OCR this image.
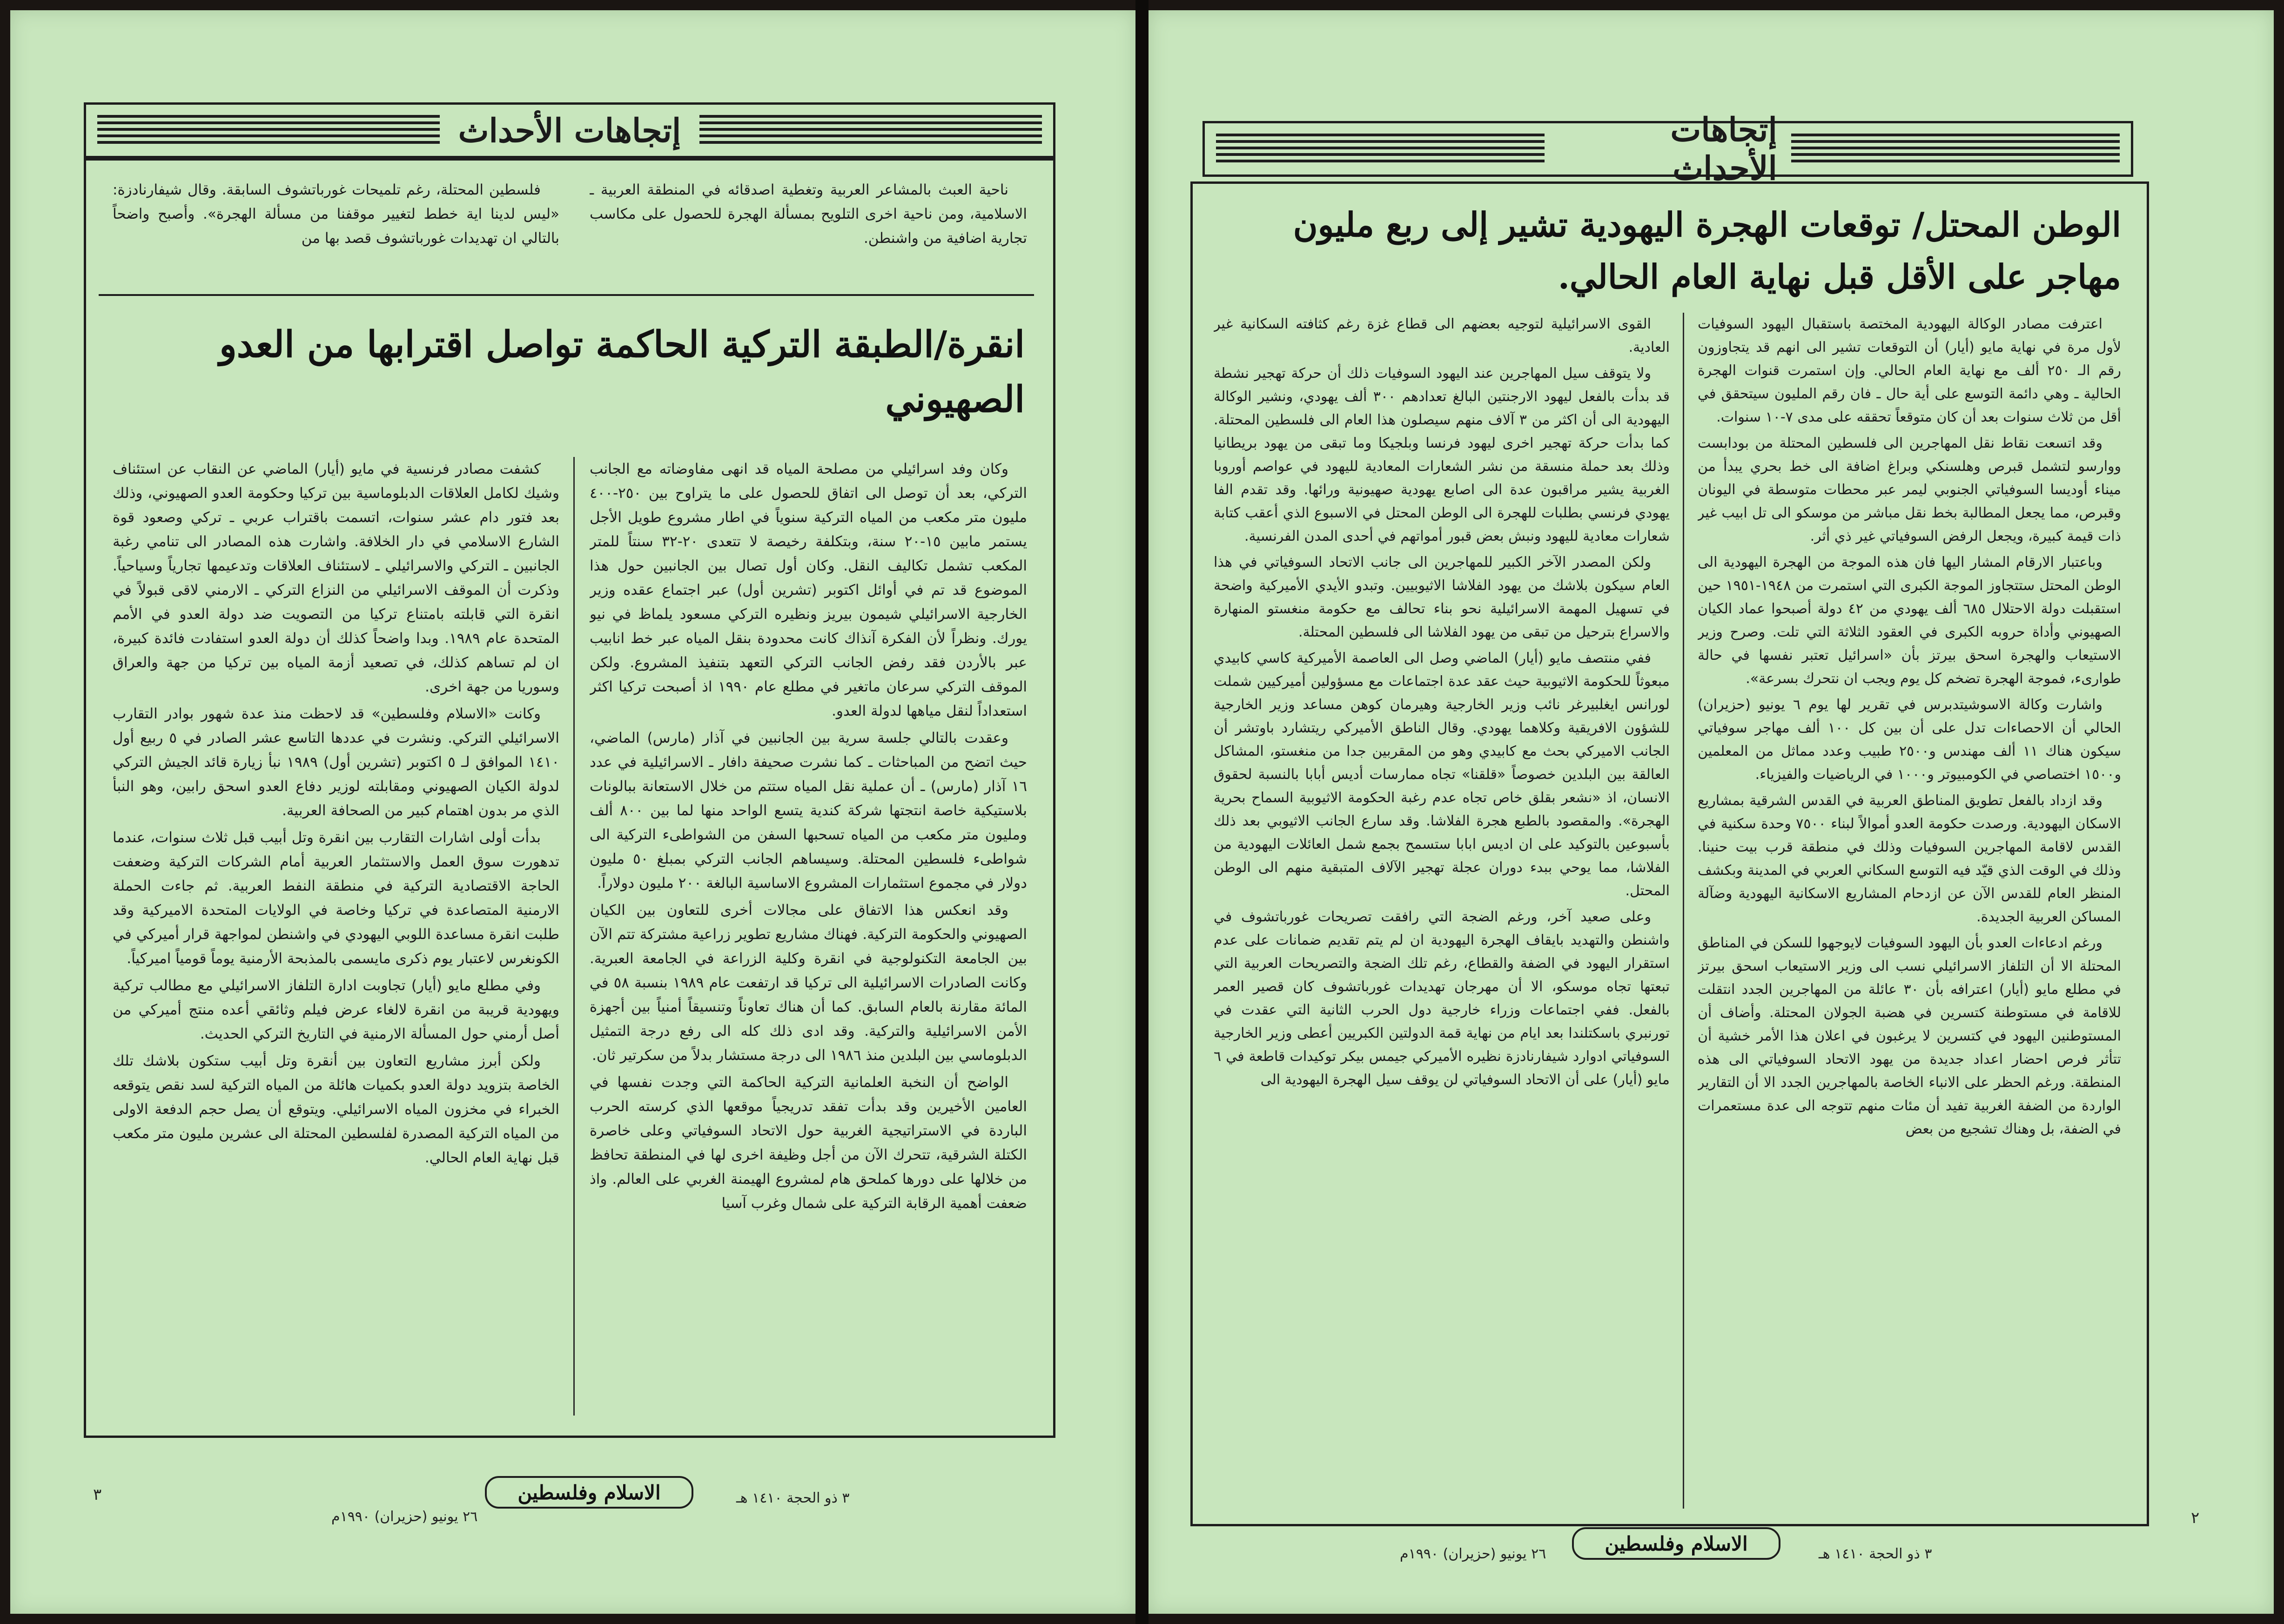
إتجاهات الأحداث

ناحية العبث بالمشاعر العربية وتغطية اصدقائه في المنطقة العربية ـ الاسلامية، ومن ناحية اخرى التلويح بمسألة الهجرة للحصول على مكاسب تجارية اضافية من واشنطن.

فلسطين المحتلة، رغم تلميحات غورباتشوف السابقة. وقال شيفارنادزة: «ليس لدينا اية خطط لتغيير موقفنا من مسألة الهجرة». وأصبح واضحاً بالتالي ان تهديدات غورباتشوف قصد بها من

انقرة/الطبقة التركية الحاكمة تواصل اقترابها من العدو الصهيوني

وكان وفد اسرائيلي من مصلحة المياه قد انهى مفاوضاته مع الجانب التركي، بعد أن توصل الى اتفاق للحصول على ما يتراوح بين ٢٥٠-٤٠٠ مليون متر مكعب من المياه التركية سنوياً في اطار مشروع طويل الأجل يستمر مابين ١٥-٢٠ سنة، وبتكلفة رخيصة لا تتعدى ٢٠-٣٢ سنتاً للمتر المكعب تشمل تكاليف النقل. وكان أول تصال بين الجانبين حول هذا الموضوع قد تم في أوائل اكتوبر (تشرين أول) عبر اجتماع عقده وزير الخارجية الاسرائيلي شيمون بيريز ونظيره التركي مسعود يلماظ في نيو يورك. ونظراً لأن الفكرة آنذاك كانت محدودة بنقل المياه عبر خط انابيب عبر بالأردن فقد رفض الجانب التركي التعهد بتنفيذ المشروع. ولكن الموقف التركي سرعان ماتغير في مطلع عام ١٩٩٠ اذ أصبحت تركيا اكثر استعداداً لنقل مياهها لدولة العدو.

وعقدت بالتالي جلسة سرية بين الجانبين في آذار (مارس) الماضي، حيث اتضح من المباحثات ـ كما نشرت صحيفة دافار ـ الاسرائيلية في عدد ١٦ آذار (مارس) ـ أن عملية نقل المياه ستتم من خلال الاستعانة ببالونات بلاستيكية خاصة انتجتها شركة كندية يتسع الواحد منها لما بين ٨٠٠ ألف ومليون متر مكعب من المياه تسحبها السفن من الشواطىء التركية الى شواطىء فلسطين المحتلة. وسيساهم الجانب التركي بمبلغ ٥٠ مليون دولار في مجموع استثمارات المشروع الاساسية البالغة ٢٠٠ مليون دولاراً.

وقد انعكس هذا الاتفاق على مجالات أخرى للتعاون بين الكيان الصهيوني والحكومة التركية. فهناك مشاريع تطوير زراعية مشتركة تتم الآن بين الجامعة التكنولوجية في انقرة وكلية الزراعة في الجامعة العبرية. وكانت الصادرات الاسرائيلية الى تركيا قد ارتفعت عام ١٩٨٩ بنسبة ٥٨ في المائة مقارنة بالعام السابق. كما أن هناك تعاوناً وتنسيقاً أمنياً بين أجهزة الأمن الاسرائيلية والتركية. وقد ادى ذلك كله الى رفع درجة التمثيل الدبلوماسي بين البلدين منذ ١٩٨٦ الى درجة مستشار بدلاً من سكرتير ثان.

الواضح أن النخبة العلمانية التركية الحاكمة التي وجدت نفسها في العامين الأخيرين وقد بدأت تفقد تدريجياً موقعها الذي كرسته الحرب الباردة في الاستراتيجية الغربية حول الاتحاد السوفياتي وعلى خاصرة الكتلة الشرقية، تتحرك الآن من أجل وظيفة اخرى لها في المنطقة تحافظ من خلالها على دورها كملحق هام لمشروع الهيمنة الغربي على العالم. واذ ضعفت أهمية الرقابة التركية على شمال وغرب آسيا

كشفت مصادر فرنسية في مايو (أيار) الماضي عن النقاب عن استئناف وشيك لكامل العلاقات الدبلوماسية بين تركيا وحكومة العدو الصهيوني، وذلك بعد فتور دام عشر سنوات، اتسمت باقتراب عربي ـ تركي وصعود قوة الشارع الاسلامي في دار الخلافة. واشارت هذه المصادر الى تنامي رغبة الجانبين ـ التركي والاسرائيلي ـ لاستئناف العلاقات وتدعيمها تجارياً وسياحياً. وذكرت أن الموقف الاسرائيلي من النزاع التركي ـ الارمني لاقى قبولاً في انقرة التي قابلته بامتناع تركيا من التصويت ضد دولة العدو في الأمم المتحدة عام ١٩٨٩. وبدا واضحاً كذلك أن دولة العدو استفادت فائدة كبيرة، ان لم تساهم كذلك، في تصعيد أزمة المياه بين تركيا من جهة والعراق وسوريا من جهة اخرى.

وكانت «الاسلام وفلسطين» قد لاحظت منذ عدة شهور بوادر التقارب الاسرائيلي التركي. ونشرت في عددها التاسع عشر الصادر في ٥ ربيع أول ١٤١٠ الموافق لـ ٥ اكتوبر (تشرين أول) ١٩٨٩ نبأ زيارة قائد الجيش التركي لدولة الكيان الصهيوني ومقابلته لوزير دفاع العدو اسحق رابين، وهو النبأ الذي مر بدون اهتمام كبير من الصحافة العربية.

بدأت أولى اشارات التقارب بين انقرة وتل أبيب قبل ثلاث سنوات، عندما تدهورت سوق العمل والاستثمار العربية أمام الشركات التركية وضعفت الحاجة الاقتصادية التركية في منطقة النفط العربية. ثم جاءت الحملة الارمنية المتصاعدة في تركيا وخاصة في الولايات المتحدة الاميركية وقد طلبت انقرة مساعدة اللوبي اليهودي في واشنطن لمواجهة قرار أميركي في الكونغرس لاعتبار يوم ذكرى مايسمى بالمذبحة الأرمنية يوماً قومياً اميركياً.

وفي مطلع مايو (أيار) تجاوبت ادارة التلفاز الاسرائيلي مع مطالب تركية ويهودية قريبة من انقرة لالغاء عرض فيلم وثائقي أعده منتج أميركي من أصل أرمني حول المسألة الارمنية في التاريخ التركي الحديث.

ولكن أبرز مشاريع التعاون بين أنقرة وتل أبيب ستكون بلاشك تلك الخاصة بتزويد دولة العدو بكميات هائلة من المياه التركية لسد نقص يتوقعه الخبراء في مخزون المياه الاسرائيلي. ويتوقع أن يصل حجم الدفعة الاولى من المياه التركية المصدرة لفلسطين المحتلة الى عشرين مليون متر مكعب قبل نهاية العام الحالي.

٣
٢٦ يونيو (حزيران) ١٩٩٠م
الاسلام وفلسطين	٣ ذو الحجة ١٤١٠ هـ
إتجاهات الأحداث
الوطن المحتل/ توقعات الهجرة اليهودية تشير إلى ربع مليون مهاجر على الأقل قبل نهاية العام الحالي.

اعترفت مصادر الوكالة اليهودية المختصة باستقبال اليهود السوفيات لأول مرة في نهاية مايو (أيار) أن التوقعات تشير الى انهم قد يتجاوزون رقم الـ ٢٥٠ ألف مع نهاية العام الحالي. وإن استمرت قنوات الهجرة الحالية ـ وهي دائمة التوسع على أية حال ـ فان رقم المليون سيتحقق في أقل من ثلاث سنوات بعد أن كان متوقعاً تحققه على مدى ٧-١٠ سنوات.

وقد اتسعت نقاط نقل المهاجرين الى فلسطين المحتلة من بودابست ووارسو لتشمل قبرص وهلسنكي وبراغ اضافة الى خط بحري يبدأ من ميناء أوديسا السوفياتي الجنوبي ليمر عبر محطات متوسطة في اليونان وقبرص، مما يجعل المطالبة بخط نقل مباشر من موسكو الى تل ابيب غير ذات قيمة كبيرة، ويجعل الرفض السوفياتي غير ذي أثر.

وباعتبار الارقام المشار اليها فان هذه الموجة من الهجرة اليهودية الى الوطن المحتل ستتجاوز الموجة الكبرى التي استمرت من ١٩٤٨-١٩٥١ حين استقبلت دولة الاحتلال ٦٨٥ ألف يهودي من ٤٢ دولة أصبحوا عماد الكيان الصهيوني وأداة حروبه الكبرى في العقود الثلاثة التي تلت. وصرح وزير الاستيعاب والهجرة اسحق بيرتز بأن «اسرائيل تعتبر نفسها في حالة طوارىء، فموجة الهجرة تضخم كل يوم ويجب ان نتحرك بسرعة».

واشارت وكالة الاسوشيتدبرس في تقرير لها يوم ٦ يونيو (حزيران) الحالي أن الاحصاءات تدل على أن بين كل ١٠٠ ألف مهاجر سوفياتي سيكون هناك ١١ ألف مهندس و٢٥٠٠ طبيب وعدد مماثل من المعلمين و١٥٠٠ اختصاصي في الكومبيوتر و١٠٠٠ في الرياضيات والفيزياء.

وقد ازداد بالفعل تطويق المناطق العربية في القدس الشرقية بمشاريع الاسكان اليهودية. ورصدت حكومة العدو أموالاً لبناء ٧٥٠٠ وحدة سكنية في القدس لاقامة المهاجرين السوفيات وذلك في منطقة قرب بيت حنينا. وذلك في الوقت الذي قيّد فيه التوسع السكاني العربي في المدينة وبكشف المنظر العام للقدس الآن عن ازدحام المشاريع الاسكانية اليهودية وضآلة المساكن العربية الجديدة.

ورغم ادعاءات العدو بأن اليهود السوفيات لايوجهوا للسكن في المناطق المحتلة الا أن التلفاز الاسرائيلي نسب الى وزير الاستيعاب اسحق بيرتز في مطلع مايو (أيار) اعترافه بأن ٣٠ عائلة من المهاجرين الجدد انتقلت للاقامة في مستوطنة كتسرين في هضبة الجولان المحتلة. وأضاف أن المستوطنين اليهود في كتسرين لا يرغبون في اعلان هذا الأمر خشية أن تتأثر فرص احضار اعداد جديدة من يهود الاتحاد السوفياتي الى هذه المنطقة. ورغم الحظر على الانباء الخاصة بالمهاجرين الجدد الا أن التقارير الواردة من الضفة الغربية تفيد أن مئات منهم تتوجه الى عدة مستعمرات في الضفة، بل وهناك تشجيع من بعض

القوى الاسرائيلية لتوجيه بعضهم الى قطاع غزة رغم كثافته السكانية غير العادية.

ولا يتوقف سيل المهاجرين عند اليهود السوفيات ذلك أن حركة تهجير نشطة قد بدأت بالفعل ليهود الارجنتين البالغ تعدادهم ٣٠٠ ألف يهودي، ونشير الوكالة اليهودية الى أن اكثر من ٣ آلاف منهم سيصلون هذا العام الى فلسطين المحتلة. كما بدأت حركة تهجير اخرى ليهود فرنسا وبلجيكا وما تبقى من يهود بريطانيا وذلك بعد حملة منسقة من نشر الشعارات المعادية لليهود في عواصم أوروبا الغربية يشير مراقبون عدة الى اصابع يهودية صهيونية ورائها. وقد تقدم الفا يهودي فرنسي بطلبات للهجرة الى الوطن المحتل في الاسبوع الذي أعقب كتابة شعارات معادية لليهود ونبش بعض قبور أمواتهم في أحدى المدن الفرنسية.

ولكن المصدر الآخر الكبير للمهاجرين الى جانب الاتحاد السوفياتي في هذا العام سيكون بلاشك من يهود الفلاشا الاثيوبيين. وتبدو الأيدي الأميركية واضحة في تسهيل المهمة الاسرائيلية نحو بناء تحالف مع حكومة منغستو المنهارة والاسراع بترحيل من تبقى من يهود الفلاشا الى فلسطين المحتلة.

ففي منتصف مايو (أيار) الماضي وصل الى العاصمة الأميركية كاسي كابيدي مبعوثاً للحكومة الاثيوبية حيث عقد عدة اجتماعات مع مسؤولين أميركيين شملت لورانس ايغلبيرغر نائب وزير الخارجية وهيرمان كوهن مساعد وزير الخارجية للشؤون الافريقية وكلاهما يهودي. وقال الناطق الأميركي ريتشارد باوتشر أن الجانب الاميركي بحث مع كابيدي وهو من المقربين جدا من منغستو، المشاكل العالقة بين البلدين خصوصاً «قلقنا» تجاه ممارسات أديس أبابا بالنسبة لحقوق الانسان، اذ «نشعر بقلق خاص تجاه عدم رغبة الحكومة الاثيوبية السماح بحرية الهجرة». والمقصود بالطبع هجرة الفلاشا. وقد سارع الجانب الاثيوبي بعد ذلك بأسبوعين بالتوكيد على ان اديس ابابا ستسمح بجمع شمل العائلات اليهودية من الفلاشا، مما يوحي ببدء دوران عجلة تهجير الآلاف المتبقية منهم الى الوطن المحتل.

وعلى صعيد آخر، ورغم الضجة التي رافقت تصريحات غورباتشوف في واشنطن والتهديد بايقاف الهجرة اليهودية ان لم يتم تقديم ضمانات على عدم استقرار اليهود في الضفة والقطاع، رغم تلك الضجة والتصريحات العربية التي تبعتها تجاه موسكو، الا أن مهرجان تهديدات غورباتشوف كان قصير العمر بالفعل. ففي اجتماعات وزراء خارجية دول الحرب الثانية التي عقدت في تورنبري باسكتلندا بعد ايام من نهاية قمة الدولتين الكبريين أعطى وزير الخارجية السوفياتي ادوارد شيفارنادزة نظيره الأميركي جيمس بيكر توكيدات قاطعة في ٦ مايو (أيار) على أن الاتحاد السوفياتي لن يوقف سيل الهجرة اليهودية الى

٢٦ يونيو (حزيران) ١٩٩٠م	الاسلام وفلسطين	٣ ذو الحجة ١٤١٠ هـ
٢
